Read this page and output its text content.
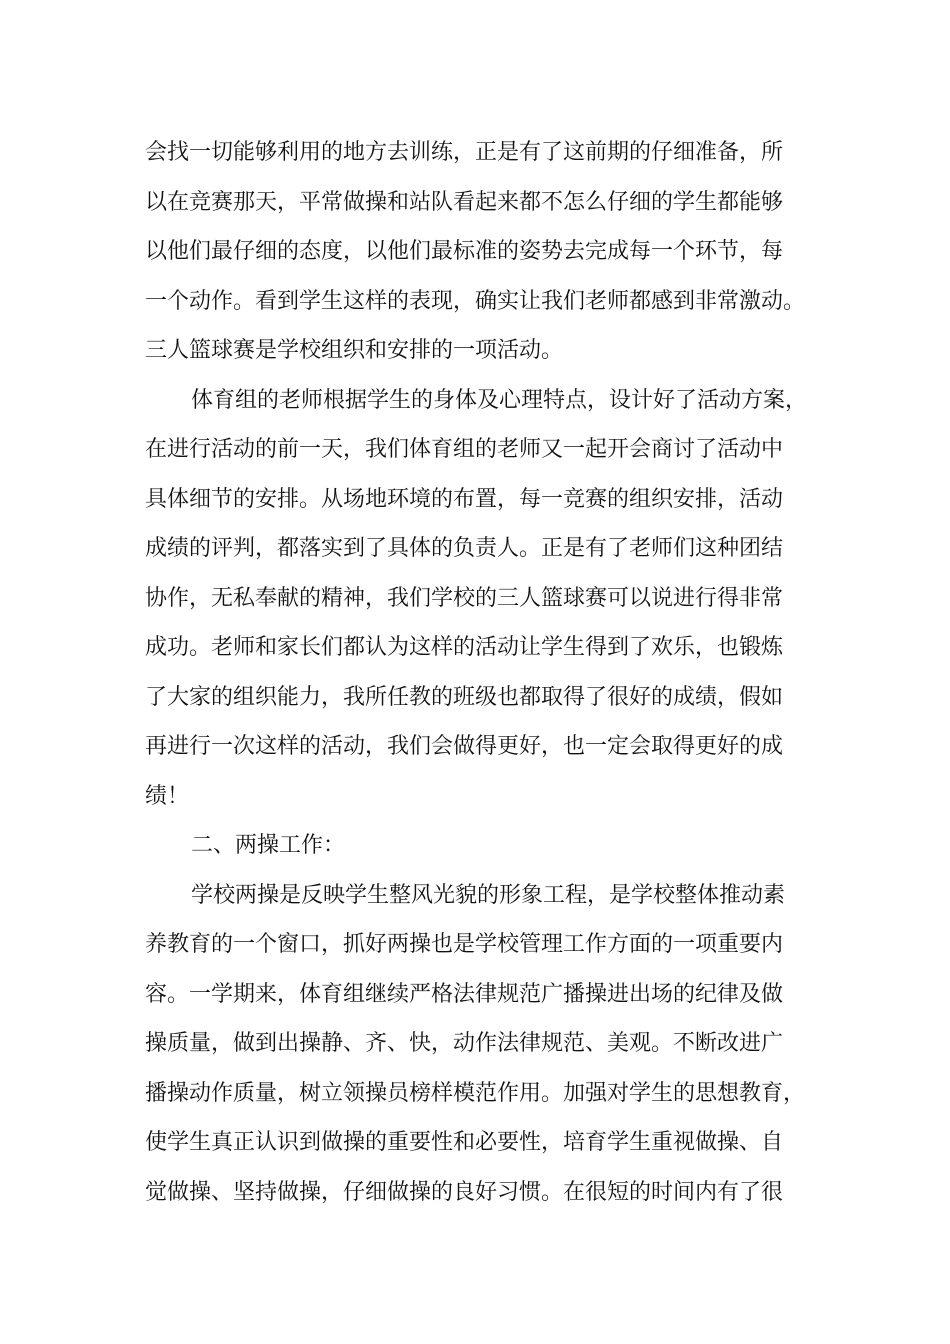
会找一切能够利用的地方去训练，正是有了这前期的仔细准备，所
以在竞赛那天，平常做操和站队看起来都不怎么仔细的学生都能够
以他们最仔细的态度，以他们最标准的姿势去完成每一个环节，每
一个动作。看到学生这样的表现，确实让我们老师都感到非常激动。
三人篮球赛是学校组织和安排的一项活动。
体育组的老师根据学生的身体及心理特点，设计好了活动方案，
在进行活动的前一天，我们体育组的老师又一起开会商讨了活动中
具体细节的安排。从场地环境的布置，每一竞赛的组织安排，活动
成绩的评判，都落实到了具体的负责人。正是有了老师们这种团结
协作，无私奉献的精神，我们学校的三人篮球赛可以说进行得非常
成功。老师和家长们都认为这样的活动让学生得到了欢乐，也锻炼
了大家的组织能力，我所任教的班级也都取得了很好的成绩，假如
再进行一次这样的活动，我们会做得更好，也一定会取得更好的成
绩！
二、两操工作：
学校两操是反映学生整风光貌的形象工程，是学校整体推动素
养教育的一个窗口，抓好两操也是学校管理工作方面的一项重要内
容。一学期来，体育组继续严格法律规范广播操进出场的纪律及做
操质量，做到出操静、齐、快，动作法律规范、美观。不断改进广
播操动作质量，树立领操员榜样模范作用。加强对学生的思想教育，
使学生真正认识到做操的重要性和必要性，培育学生重视做操、自
觉做操、坚持做操，仔细做操的良好习惯。在很短的时间内有了很
